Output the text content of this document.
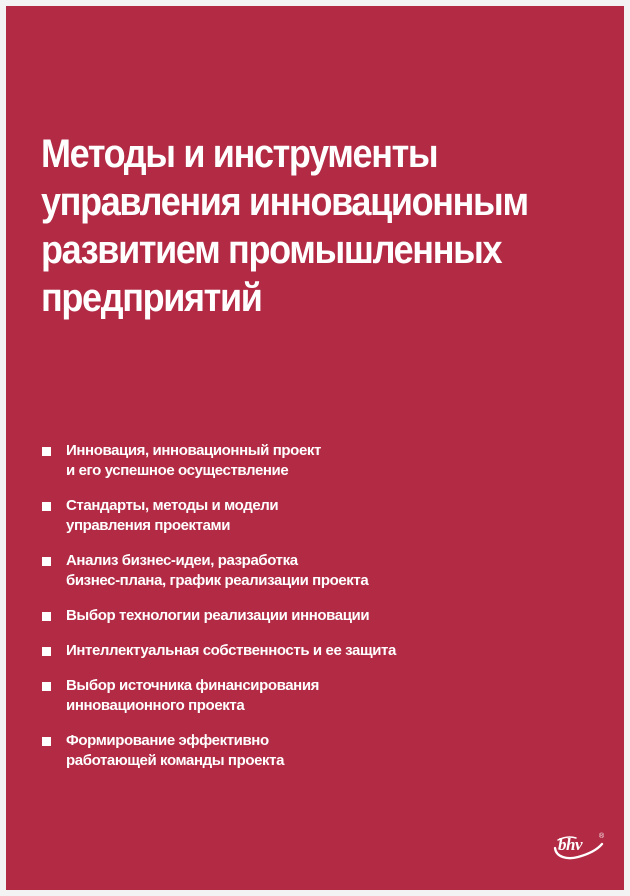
Методы и инструменты
управления инновационным
развитием промышленных
предприятий
Инновация, инновационный проект
и его успешное осуществление
Стандарты, методы и модели
управления проектами
Анализ бизнес-идеи, разработка
бизнес-плана, график реализации проекта
Выбор технологии реализации инновации
Интеллектуальная собственность и ее защита
Выбор источника финансирования
инновационного проекта
Формирование эффективно
работающей команды проекта
bhv ®
